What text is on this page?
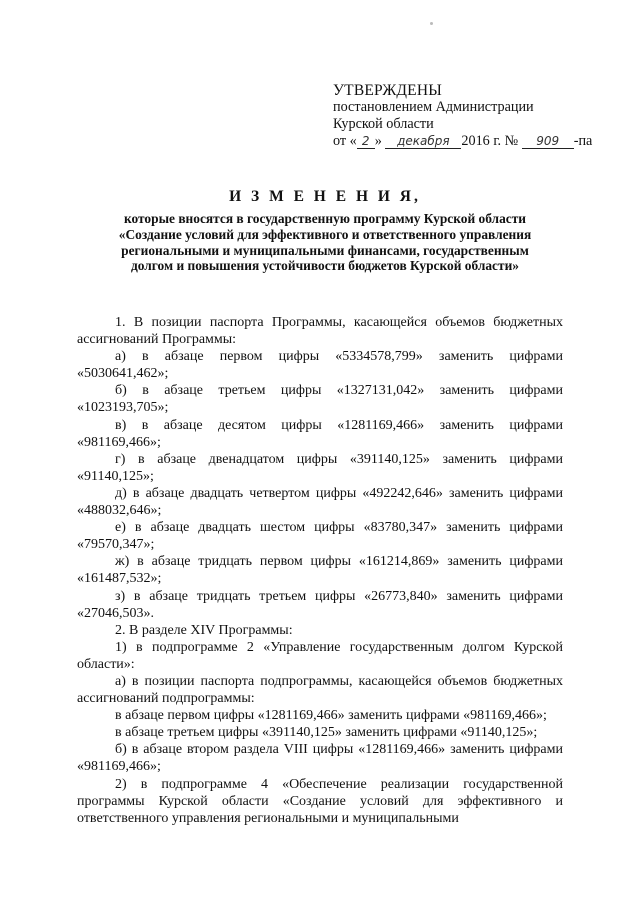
УТВЕРЖДЕНЫ
постановлением Администрации
Курской области
от « 2 » декабря 2016 г. № 909 -па
И З М Е Н Е Н И Я,
которые вносятся в государственную программу Курской области
«Создание условий для эффективного и ответственного управления
региональными и муниципальными финансами, государственным
долгом и повышения устойчивости бюджетов Курской области»

1. В позиции паспорта Программы, касающейся объемов бюджетных ассигнований Программы:

а) в абзаце первом цифры «5334578,799» заменить цифрами «5030641,462»;

б) в абзаце третьем цифры «1327131,042» заменить цифрами «1023193,705»;

в) в абзаце десятом цифры «1281169,466» заменить цифрами «981169,466»;

г) в абзаце двенадцатом цифры «391140,125» заменить цифрами «91140,125»;

д) в абзаце двадцать четвертом цифры «492242,646» заменить цифрами «488032,646»;

е) в абзаце двадцать шестом цифры «83780,347» заменить цифрами «79570,347»;

ж) в абзаце тридцать первом цифры «161214,869» заменить цифрами «161487,532»;

з) в абзаце тридцать третьем цифры «26773,840» заменить цифрами «27046,503».

2. В разделе XIV Программы:

1) в подпрограмме 2 «Управление государственным долгом Курской области»:

а) в позиции паспорта подпрограммы, касающейся объемов бюджетных ассигнований подпрограммы:

в абзаце первом цифры «1281169,466» заменить цифрами «981169,466»;

в абзаце третьем цифры «391140,125» заменить цифрами «91140,125»;

б) в абзаце втором раздела VIII цифры «1281169,466» заменить цифрами «981169,466»;

2) в подпрограмме 4 «Обеспечение реализации государственной программы Курской области «Создание условий для эффективного и ответственного управления региональными и муниципальными
